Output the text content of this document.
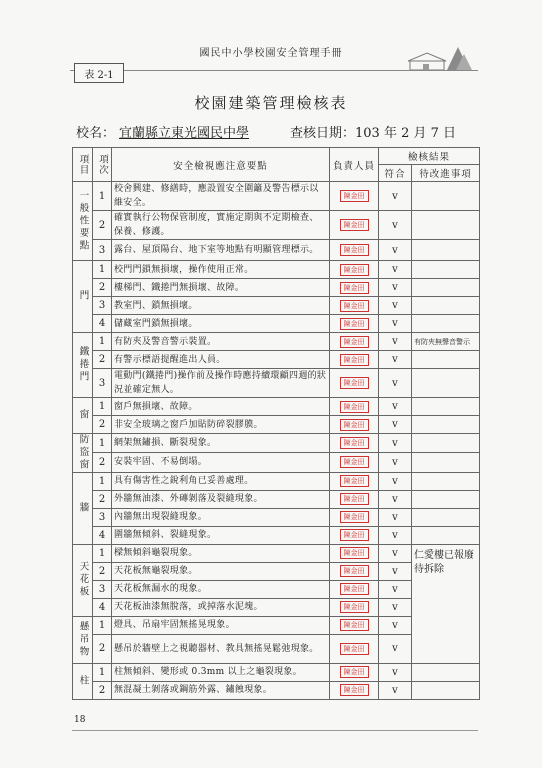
國民中小學校園安全管理手冊
表 2-1
校園建築管理檢核表
校名： 宜蘭縣立東光國民中學	查核日期：103 年 2 月 7 日
項目	項次	安全檢視應注意要點	負責人員	檢核結果	
				符合	待改進事項
一般性要點	1	校舍興建、修繕時，應設置安全圍籬及警告標示以維安全。	陳金田	v	
	2	確實執行公物保管制度，實施定期與不定期檢查、保養、修護。	陳金田	v	
	3	露台、屋頂陽台、地下室等地點有明顯管理標示。	陳金田	v	
門	1	校門門鎖無損壞，操作使用正常。	陳金田	v	
	2	樓梯門、鐵捲門無損壞、故障。	陳金田	v	
	3	教室門、鎖無損壞。	陳金田	v	
	4	儲藏室門鎖無損壞。	陳金田	v	
鐵捲門	1	有防夾及警音警示裝置。	陳金田	v	有防夾無聲音警示
	2	有警示標語提醒進出人員。	陳金田	v	
	3	電動門(鐵捲門)操作前及操作時應持續環顧四週的狀況並確定無人。	陳金田	v	
窗	1	窗戶無損壞、故障。	陳金田	v	
	2	非安全玻璃之窗戶加貼防碎裂膠膜。	陳金田	v	
防盜窗	1	網架無鏽損、斷裂現象。	陳金田	v	
	2	安裝牢固、不易倒塌。	陳金田	v	
牆	1	具有傷害性之銳利角已妥善處理。	陳金田	v	
	2	外牆無油漆、外磚剝落及裂縫現象。	陳金田	v	
	3	內牆無出現裂縫現象。	陳金田	v	
	4	圍牆無傾斜、裂縫現象。	陳金田	v	
天花板	1	樑無傾斜龜裂現象。	陳金田	v	仁愛樓已報廢待拆除
	2	天花板無龜裂現象。	陳金田	v	
	3	天花板無漏水的現象。	陳金田	v	
	4	天花板油漆無脫落，或掉落水泥塊。	陳金田	v	
懸吊物	1	燈具、吊扇牢固無搖晃現象。	陳金田	v	
	2	懸吊於牆壁上之視聽器材、教具無搖晃鬆弛現象。	陳金田	v	
柱	1	柱無傾斜、變形或 0.3mm 以上之龜裂現象。	陳金田	v	
	2	無混凝土剝落或鋼筋外露、鏽蝕現象。	陳金田	v	
18
